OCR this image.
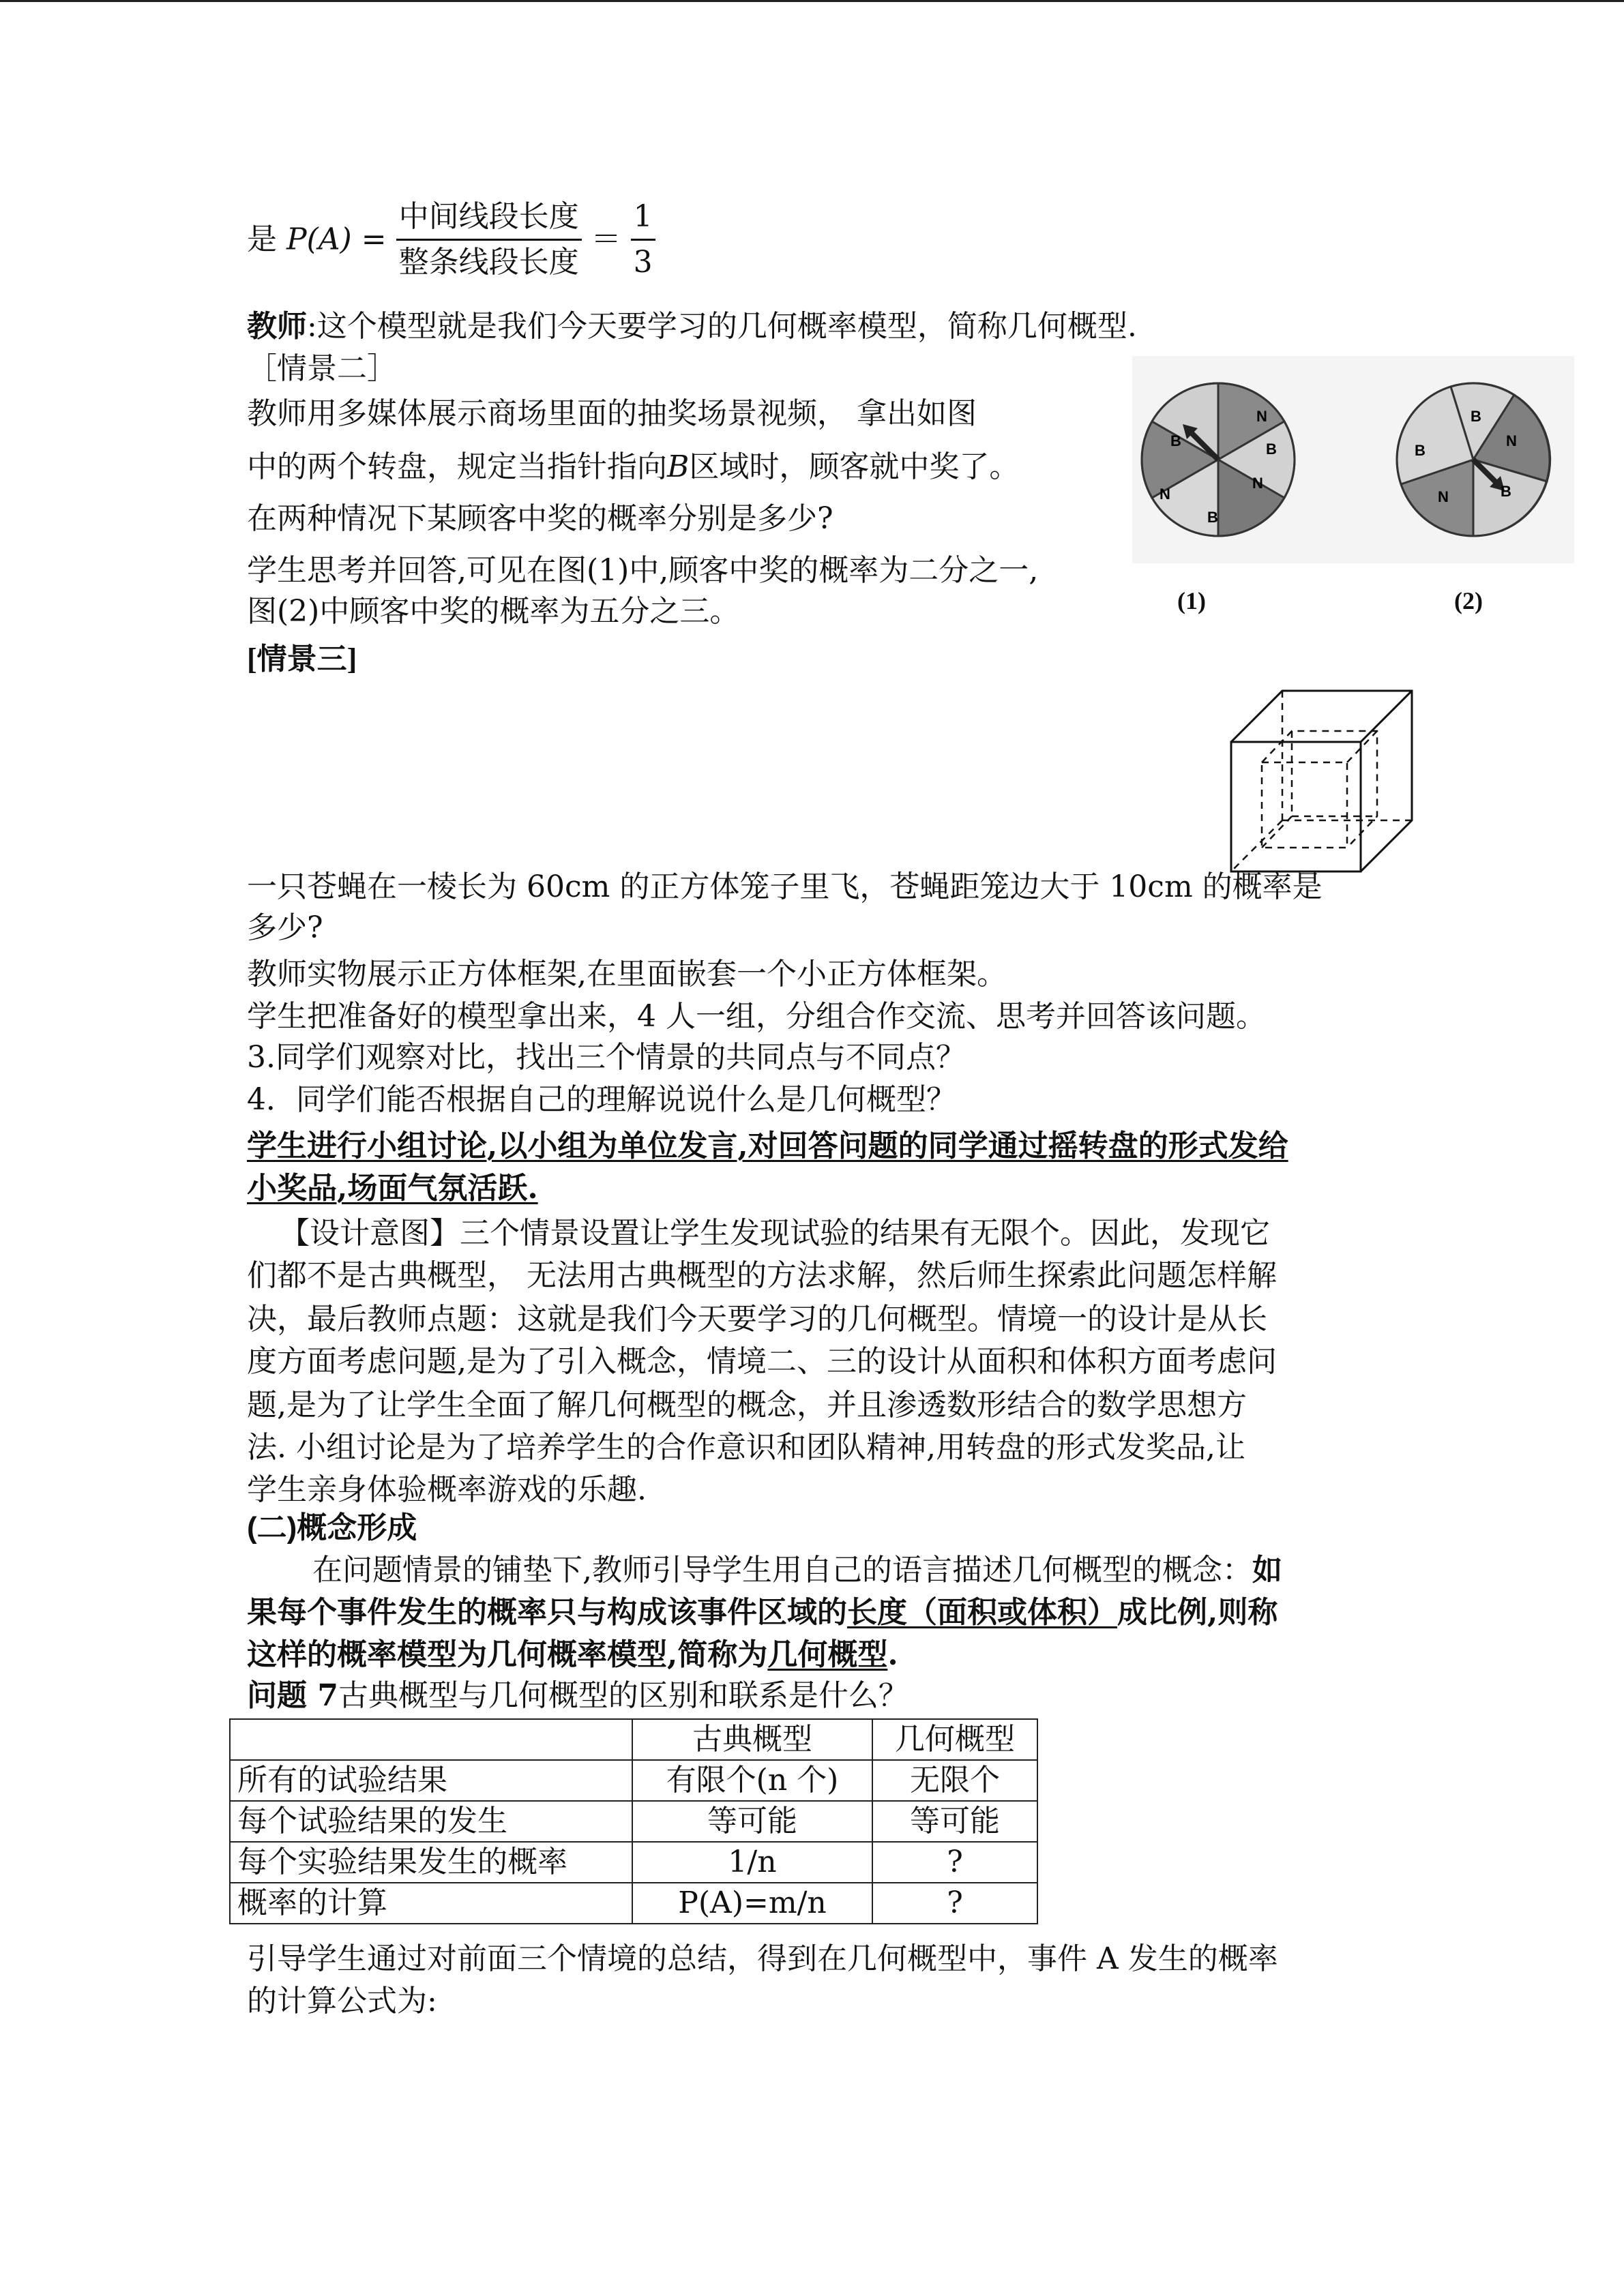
是 $P(A) = \frac{\text{中间线段长度}}{\text{整条线段长度}} = \frac{1}{3}$
教师:这个模型就是我们今天要学习的几何概率模型，简称几何概型.
［情景二］
教师用多媒体展示商场里面的抽奖场景视频， 拿出如图
中的两个转盘，规定当指针指向B区域时，顾客就中奖了。
在两种情况下某顾客中奖的概率分别是多少?
学生思考并回答,可见在图(1)中,顾客中奖的概率为二分之一,
图(2)中顾客中奖的概率为五分之三。
N
B
N
B
N
B
B
N
B
N	B
(1)	(2)
[情景三]
一只苍蝇在一棱长为 60cm 的正方体笼子里飞，苍蝇距笼边大于 10cm 的概率是
多少?
教师实物展示正方体框架,在里面嵌套一个小正方体框架。
学生把准备好的模型拿出来，4 人一组，分组合作交流、思考并回答该问题。
3.同学们观察对比，找出三个情景的共同点与不同点？
4．同学们能否根据自己的理解说说什么是几何概型？
学生进行小组讨论,以小组为单位发言,对回答问题的同学通过摇转盘的形式发给
小奖品,场面气氛活跃.
【设计意图】三个情景设置让学生发现试验的结果有无限个。因此，发现它
们都不是古典概型， 无法用古典概型的方法求解，然后师生探索此问题怎样解
决，最后教师点题：这就是我们今天要学习的几何概型。情境一的设计是从长
度方面考虑问题,是为了引入概念，情境二、三的设计从面积和体积方面考虑问
题,是为了让学生全面了解几何概型的概念，并且渗透数形结合的数学思想方
法. 小组讨论是为了培养学生的合作意识和团队精神,用转盘的形式发奖品,让
学生亲身体验概率游戏的乐趣.
(二)概念形成
在问题情景的铺垫下,教师引导学生用自己的语言描述几何概型的概念：如
果每个事件发生的概率只与构成该事件区域的长度（面积或体积）成比例,则称
这样的概率模型为几何概率模型,简称为几何概型.
问题 7古典概型与几何概型的区别和联系是什么？
	古典概型	几何概型
所有的试验结果	有限个(n 个)	无限个
每个试验结果的发生	等可能	等可能
每个实验结果发生的概率	1/n	?
概率的计算	P(A)=m/n	?
引导学生通过对前面三个情境的总结，得到在几何概型中，事件 A 发生的概率
的计算公式为:
